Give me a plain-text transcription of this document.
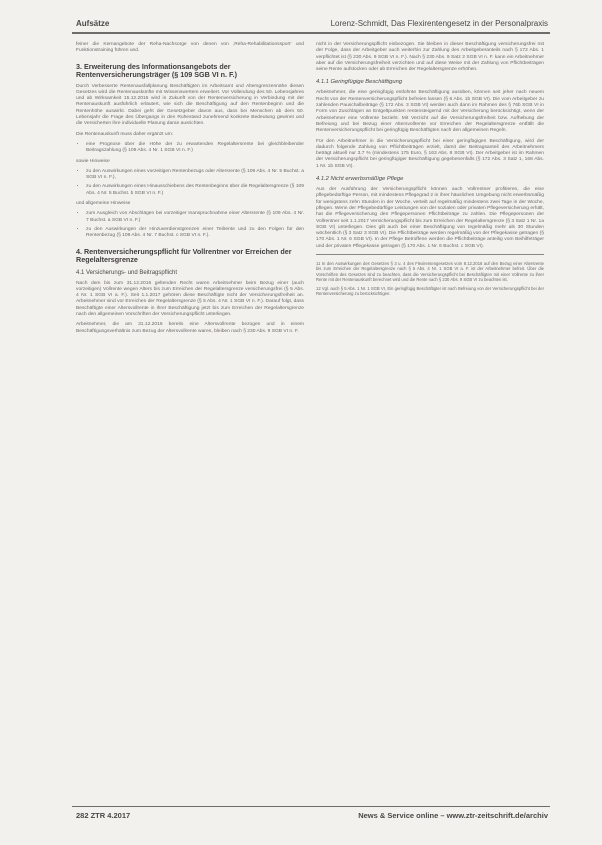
Aufsätze	Lorenz-Schmidt, Das Flexirentengesetz in der Personalpraxis

feiner die Kernangebote der Reha-Nachsorge von denen von ‚Reha-Rehabilitationssport‘ und Funktionstraining führen und.

3. Erweiterung des Informationsangebots der Rentenversicherungsträger (§ 109 SGB VI n. F.)

Durch Verbesserte Rentenausfallplanung Beschäftigten im Arbeitsamt und Altersgrenzennähe diesen Gesetzes wird die Rentenauskünfte mit Wissenswertem erweitert. Vor Vollendung des 50. Lebensjahres und ab Wirksamkeit 15.12.2016 wird in Zukunft von der Rentenversicherung in Verbindung mit der Rentenauskunft ausführlich erläutert, wie sich die Beschäftigung auf den Rentenbeginn und die Rentenhöhe auswirkt. Dabei geht der Gesetzgeber davon aus, dass bei Menschen ab dem 50. Lebensjahr die Frage des Übergangs in den Ruhestand zunehmend konkrete Bedeutung gewinnt und die Versicherten ihre individuelle Planung daran ausrichten.

Die Rentenauskunft muss daher ergänzt um:

• eine Prognose über die Höhe der zu erwartenden Regelaltersrente bei gleichbleibender Beitragszahlung (§ 109 Abs. 4 Nr. 1 SGB VI n. F.)

sowie Hinweise

• zu den Auswirkungen eines vorzeitigen Rentenbezugs oder Altersrente (§ 109 Abs. 4 Nr. 5 Buchst. a SGB VI n. F.),
• zu den Auswirkungen eines Hinausschiebens des Rentenbeginns über die Regelaltersgrenze (§ 109 Abs. 4 Nr. 5 Buchst. b SGB VI n. F.)

und allgemeine Hinweise

• zum Ausgleich von Abschlägen bei vorzeitiger Inanspruchnahme einer Altersrente (§ 109 Abs. 4 Nr. 7 Buchst. a SGB VI n. F.)
• zu den Auswirkungen der Hinzuverdienstgrenzen einer Teilrente und zu den Folgen für den Rentenbezug (§ 109 Abs. 4 Nr. 7 Buchst. c SGB VI n. F.).
4. Rentenversicherungspflicht für Vollrentner vor Erreichen der Regelaltersgrenze
4.1 Versicherungs- und Beitragspflicht

Nach dem bis zum 31.12.2016 geltenden Recht waren Arbeitnehmer beim Bezug einer (auch vorzeitigen) Vollrente wegen Alters bis zum Erreichen der Regelaltersgrenze versicherungsfrei (§ 5 Abs. 4 Nr. 1 SGB VI a. F.). Seit 1.1.2017 gehören diese Beschäftigte nicht der Versicherungsfreiheit an. Arbeitnehmer sind vor Erreichen der Regelaltersgrenze (§ 5 Abs. 4 Nr. 1 SGB VI n. F.). Darauf folgt, dass Beschäftigte einer Altersvollrente in ihrer Beschäftigung jetzt bis zum Erreichen der Regelaltersgrenze nach den allgemeinen Vorschriften der Versicherungspflicht unterliegen.

Arbeitnehmer, die am 31.12.2016 bereits eine Altersvollrente bezogen und in einem Beschäftigungsverhältnis zum Bezug der Altersvollrente waren, bleiben nach § 230 Abs. 9 SGB VI n. F.

nicht in der Versicherungspflicht einbezogen. Sie bleiben in dieser Beschäftigung versicherungsfrei mit der Folge, dass der Arbeitgeber auch weiterhin zur Zahlung des Arbeitgeberanteils nach § 172 Abs. 1 verpflichtet ist (§ 230 Abs. 9 SGB VI n. F.). Nach § 230 Abs. 9 Satz 2 SGB VI n. F. kann ein Arbeitnehmer aber auf die Versicherungsfreiheit verzichten und auf diese Weise mit der Zahlung von Pflichtbeiträgen seine Rente aufstocken oder ab Erreichen der Regelaltersgrenze erhöhen.

4.1.1 Geringfügige Beschäftigung

Arbeitnehmer, die eine geringfügig entlohnte Beschäftigung ausüben, können seit jeher nach neuem Recht von der Rentenversicherungspflicht befreien lassen (§ 6 Abs. 1b SGB VI). Die vom Arbeitgeber zu zahlenden Pauschalbeiträge (§ 172 Abs. 3 SGB VI) werden auch dann im Rahmen des § 76b SGB VI in Form von Zuschlägen an Entgeltpunkten rentensteigernd mit der Versicherung berücksichtigt, wenn der Arbeitnehmer eine Vollrente bezieht. Mit Verzicht auf die Versicherungsfreiheit bzw. Aufhebung der Befreiung und bei Bezug einer Altersvollrente vor Erreichen der Regelaltersgrenze entfällt die Rentenversicherungspflicht bei geringfügig Beschäftigten nach den allgemeinen Regeln.

Für den Arbeitnehmer in die Versicherungspflicht bei einer geringfügigen Beschäftigung, wird der dadurch folgende Zahlung von Pflichtbeiträgen erzielt, damit der Beitragsanteil des Arbeitnehmers beträgt aktuell nur 3,7 % (mindestens 175 Euro, § 163 Abs. 8 SGB VI). Der Arbeitgeber ist im Rahmen der Versicherungspflicht bei geringfügiger Beschäftigung gegebenenfalls (§ 172 Abs. 3 Satz 1, 168 Abs. 1 Nr. 1b SGB VI).

4.1.2 Nicht erwerbsmäßige Pflege

Aus der Ausführung der Versicherungspflicht können auch Vollrentner profitieren, die eine pflegebedürftige Person, mit mindestens Pflegegrad 2 in ihrer häuslichen Umgebung nicht erwerbsmäßig für wenigstens zehn Stunden in der Woche, verteilt auf regelmäßig mindestens zwei Tage in der Woche, pflegen. Wenn der Pflegebedürftige Leistungen von der sozialen oder privaten Pflegeversicherung erhält, hat die Pflegeversicherung den Pflegepersonen Pflichtbeiträge zu zahlen. Die Pflegepersonen der Vollrentner seit 1.1.2017 Versicherungspflicht bis zum Erreichen der Regelaltersgrenze (§ 3 Satz 1 Nr. 1a SGB VI) unterliegen. Dies gilt auch bei einer Beschäftigung von regelmäßig mehr als 30 Stunden wöchentlich (§ 3 Satz 3 SGB VI). Die Pflichtbeiträge werden regelmäßig von der Pflegekasse getragen (§ 170 Abs. 1 Nr. 6 SGB VI). In der Pflege Betroffene werden die Pflichtbeiträge anteilig vom Beihilfeträger und der privaten Pflegekasse getragen (§ 170 Abs. 1 Nr. 6 Buchst. c SGB VI).

11 In den Auswirkungen des Gesetzes § 3 u. 4 des Flexirentengesetzes vom 8.12.2016 auf den Bezug einer Altersrente bis zum Erreichen der Regelaltersgrenze nach § 5 Abs. 4 Nr. 1 SGB VI a. F. ist der Arbeitnehmer befreit. Über die Vorschriften des Gesetzes sind zu beachten, dass die Versicherungspflicht bei Beschäftigten mit einer Vollrente zu ihrer Rente mit der Rentenauskunft berechnet wird und die Rente nach § 230 Abs. 9 SGB VI zu beachten ist.

12 Vgl. auch § 5 Abs. 1 Nr. 1 SGB VI, Ein geringfügig Beschäftigter ist nach Befreiung von der Versicherungspflicht bei der Rentenversicherung zu berücksichtigen.

282 ZTR 4.2017	News & Service online – www.ztr-zeitschrift.de/archiv
